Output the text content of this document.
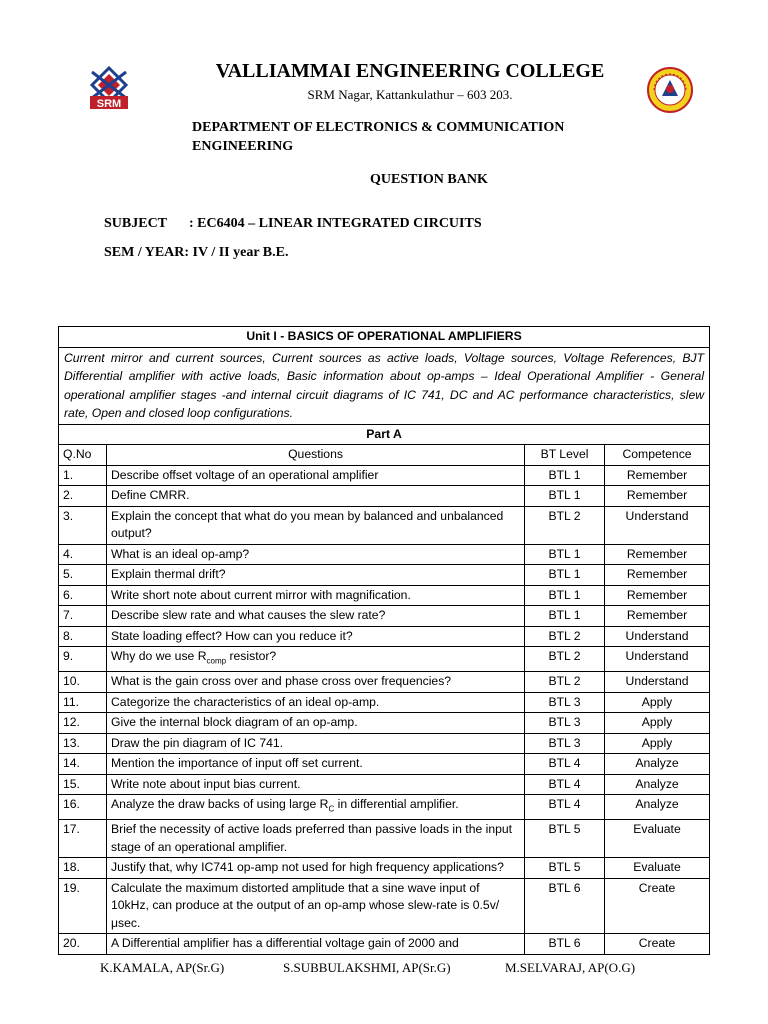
SRM
VALLIAMMAI ENGINEERING COLLEGE
SRM Nagar, Kattankulathur – 603 203.
DEPARTMENT OF ELECTRONICS & COMMUNICATION
ENGINEERING
QUESTION BANK
SUBJECT : EC6404 – LINEAR INTEGRATED CIRCUITS
SEM / YEAR: IV / II year B.E.
Unit I - BASICS OF OPERATIONAL AMPLIFIERS			
Current mirror and current sources, Current sources as active loads, Voltage sources, Voltage References, BJT Differential amplifier with active loads, Basic information about op-amps – Ideal Operational Amplifier - General operational amplifier stages -and internal circuit diagrams of IC 741, DC and AC performance characteristics, slew rate, Open and closed loop configurations.			
Part A			
Q.No	Questions	BT Level	Competence
1.	Describe offset voltage of an operational amplifier	BTL 1	Remember
2.	Define CMRR.	BTL 1	Remember
3.	Explain the concept that what do you mean by balanced and unbalanced output?	BTL 2	Understand
4.	What is an ideal op-amp?	BTL 1	Remember
5.	Explain thermal drift?	BTL 1	Remember
6.	Write short note about current mirror with magnification.	BTL 1	Remember
7.	Describe slew rate and what causes the slew rate?	BTL 1	Remember
8.	State loading effect? How can you reduce it?	BTL 2	Understand
9.	Why do we use $R_{comp}$ resistor?	BTL 2	Understand
10.	What is the gain cross over and phase cross over frequencies?	BTL 2	Understand
11.	Categorize the characteristics of an ideal op-amp.	BTL 3	Apply
12.	Give the internal block diagram of an op-amp.	BTL 3	Apply
13.	Draw the pin diagram of IC 741.	BTL 3	Apply
14.	Mention the importance of input off set current.	BTL 4	Analyze
15.	Write note about input bias current.	BTL 4	Analyze
16.	Analyze the draw backs of using large $R_C$ in differential amplifier.	BTL 4	Analyze
17.	Brief the necessity of active loads preferred than passive loads in the input stage of an operational amplifier.	BTL 5	Evaluate
18.	Justify that, why IC741 op-amp not used for high frequency applications?	BTL 5	Evaluate
19.	Calculate the maximum distorted amplitude that a sine wave input of 10kHz, can produce at the output of an op-amp whose slew-rate is 0.5v/μsec.	BTL 6	Create
20.	A Differential amplifier has a differential voltage gain of 2000 and	BTL 6	Create
K.KAMALA, AP(Sr.G)	S.SUBBULAKSHMI, AP(Sr.G)	M.SELVARAJ, AP(O.G)
